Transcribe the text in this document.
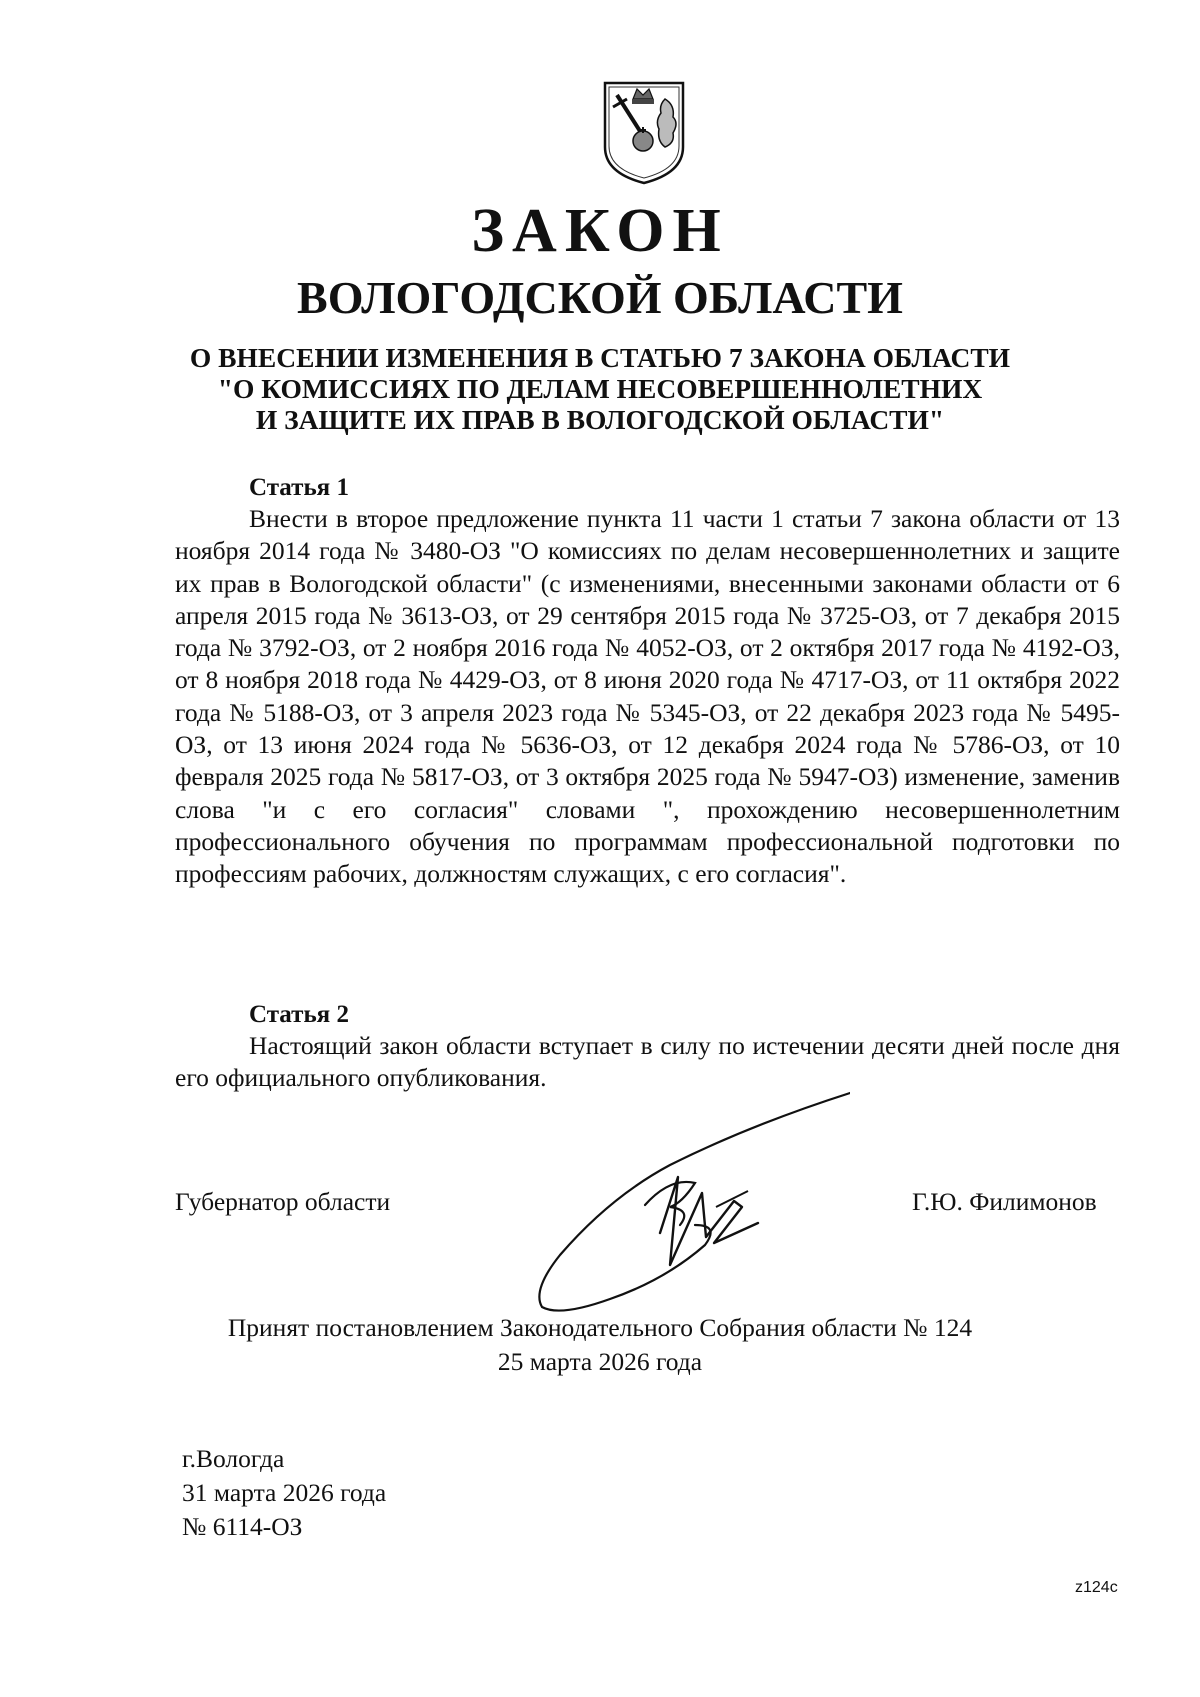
ЗАКОН
ВОЛОГОДСКОЙ ОБЛАСТИ
О ВНЕСЕНИИ ИЗМЕНЕНИЯ В СТАТЬЮ 7 ЗАКОНА ОБЛАСТИ
"О КОМИССИЯХ ПО ДЕЛАМ НЕСОВЕРШЕННОЛЕТНИХ
И ЗАЩИТЕ ИХ ПРАВ В ВОЛОГОДСКОЙ ОБЛАСТИ"
Статья 1

Внести в второе предложение пункта 11 части 1 статьи 7 закона области от 13 ноября 2014 года № 3480-ОЗ "О комиссиях по делам несовершеннолетних и защите их прав в Вологодской области" (с изменениями, внесенными законами области от 6 апреля 2015 года № 3613-ОЗ, от 29 сентября 2015 года № 3725-ОЗ, от 7 декабря 2015 года № 3792-ОЗ, от 2 ноября 2016 года № 4052-ОЗ, от 2 октября 2017 года № 4192-ОЗ, от 8 ноября 2018 года № 4429-ОЗ, от 8 июня 2020 года № 4717-ОЗ, от 11 октября 2022 года № 5188-ОЗ, от 3 апреля 2023 года № 5345-ОЗ, от 22 декабря 2023 года № 5495-ОЗ, от 13 июня 2024 года № 5636-ОЗ, от 12 декабря 2024 года № 5786-ОЗ, от 10 февраля 2025 года № 5817-ОЗ, от 3 октября 2025 года № 5947-ОЗ) изменение, заменив слова "и с его согласия" словами ", прохождению несовершеннолетним профессионального обучения по программам профессиональной подготовки по профессиям рабочих, должностям служащих, с его согласия".

Статья 2

Настоящий закон области вступает в силу по истечении десяти дней после дня его официального опубликования.

Губернатор области	Г.Ю. Филимонов
Принят постановлением Законодательного Собрания области № 124
25 марта 2026 года
г.Вологда
31 марта 2026 года
№ 6114-ОЗ
z124c
